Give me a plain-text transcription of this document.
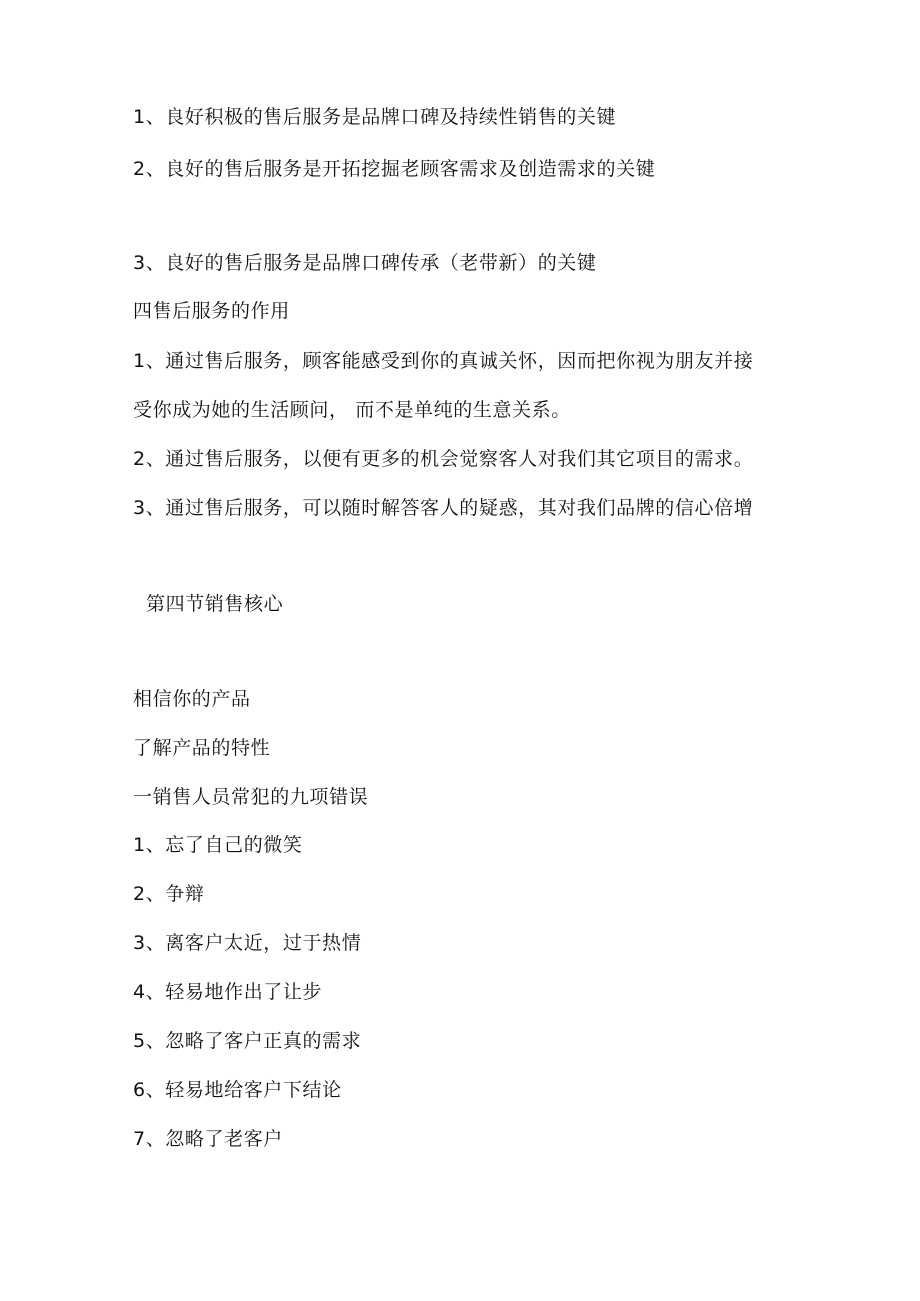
1、良好积极的售后服务是品牌口碑及持续性销售的关键
2、良好的售后服务是开拓挖掘老顾客需求及创造需求的关键
3、良好的售后服务是品牌口碑传承（老带新）的关键
四售后服务的作用
1、通过售后服务，顾客能感受到你的真诚关怀，因而把你视为朋友并接
受你成为她的生活顾问， 而不是单纯的生意关系。
2、通过售后服务，以便有更多的机会觉察客人对我们其它项目的需求。
3、通过售后服务，可以随时解答客人的疑惑，其对我们品牌的信心倍增
第四节销售核心
相信你的产品
了解产品的特性
一销售人员常犯的九项错误
1、忘了自己的微笑
2、争辩
3、离客户太近，过于热情
4、轻易地作出了让步
5、忽略了客户正真的需求
6、轻易地给客户下结论
7、忽略了老客户
